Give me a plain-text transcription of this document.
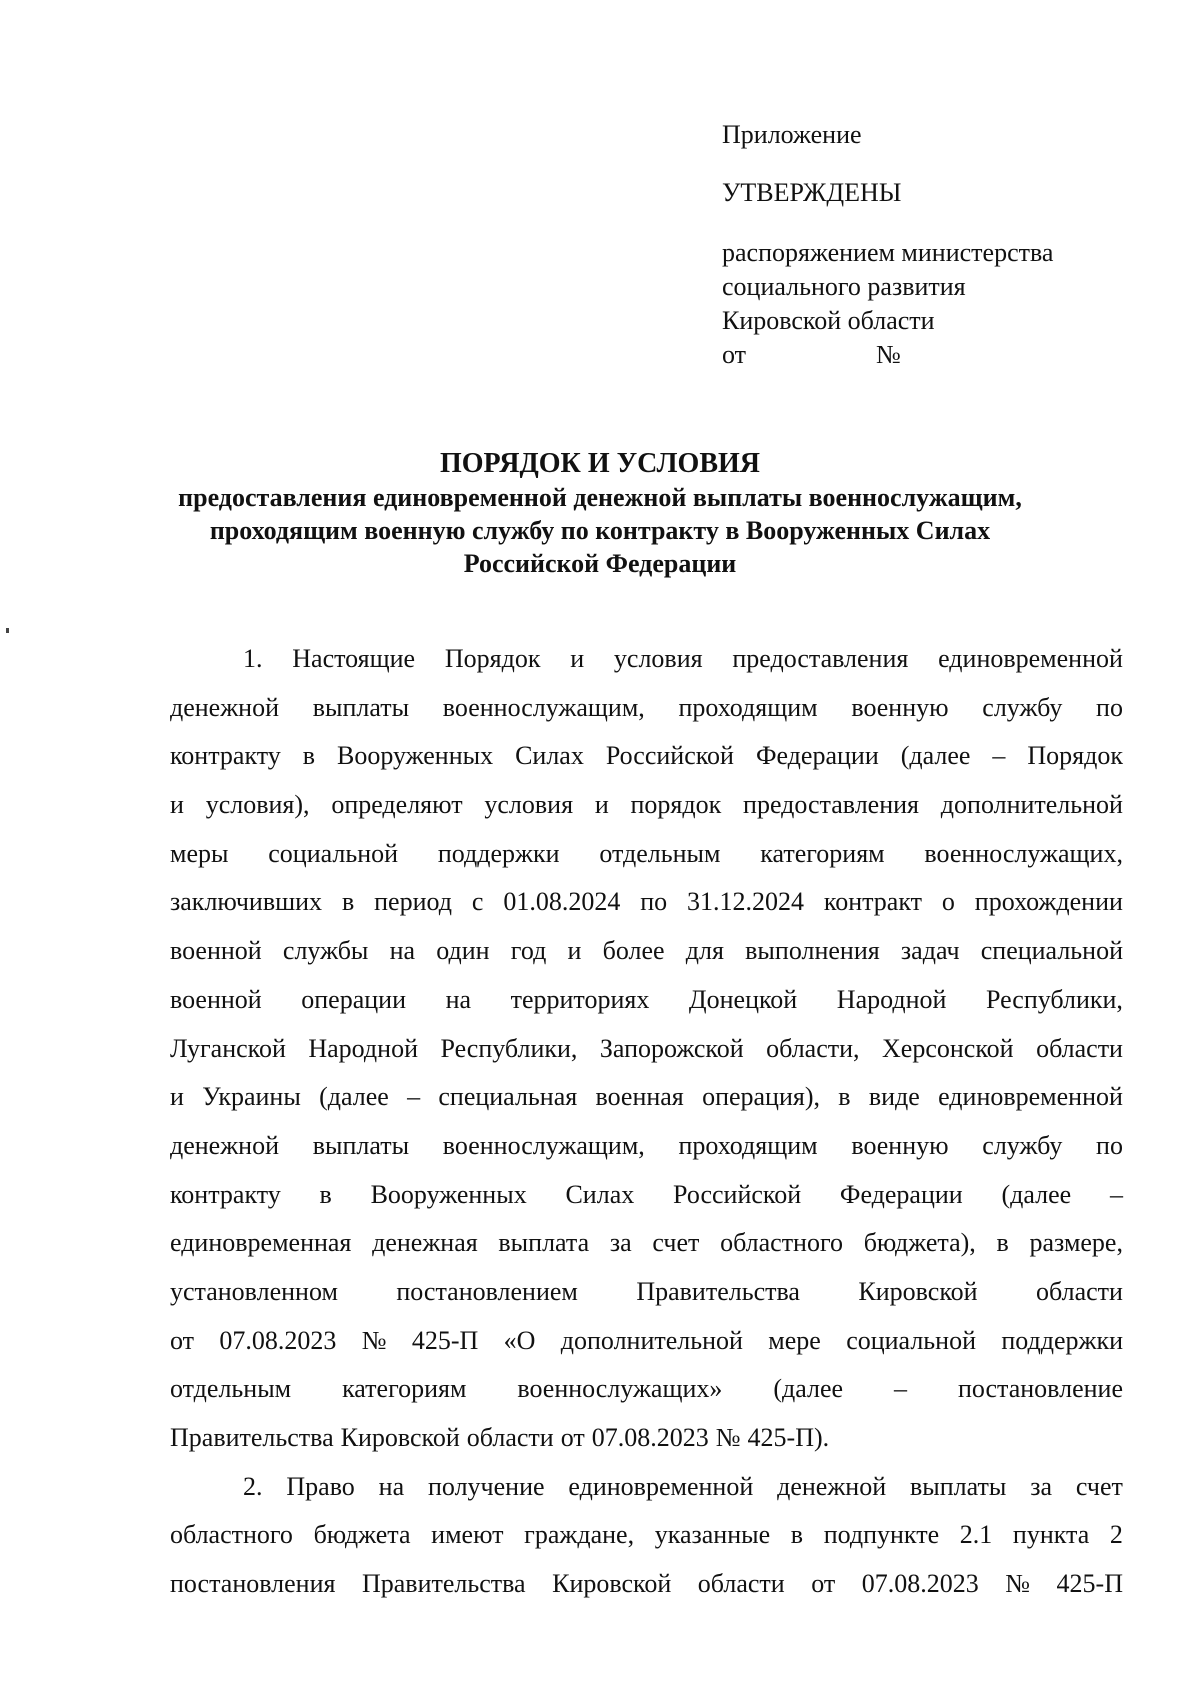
Приложение
УТВЕРЖДЕНЫ
распоряжением министерства
социального развития
Кировской области
от	№
ПОРЯДОК И УСЛОВИЯ
предоставления единовременной денежной выплаты военнослужащим,
проходящим военную службу по контракту в Вооруженных Силах
Российской Федерации
1. Настоящие Порядок и условия предоставления единовременной
денежной выплаты военнослужащим, проходящим военную службу по
контракту в Вооруженных Силах Российской Федерации (далее – Порядок
и условия), определяют условия и порядок предоставления дополнительной
меры социальной поддержки отдельным категориям военнослужащих,
заключивших в период с 01.08.2024 по 31.12.2024 контракт о прохождении
военной службы на один год и более для выполнения задач специальной
военной операции на территориях Донецкой Народной Республики,
Луганской Народной Республики, Запорожской области, Херсонской области
и Украины (далее – специальная военная операция), в виде единовременной
денежной выплаты военнослужащим, проходящим военную службу по
контракту в Вооруженных Силах Российской Федерации (далее –
единовременная денежная выплата за счет областного бюджета), в размере,
установленном постановлением Правительства Кировской области
от 07.08.2023 № 425-П «О дополнительной мере социальной поддержки
отдельным категориям военнослужащих» (далее – постановление
Правительства Кировской области от 07.08.2023 № 425-П).
2. Право на получение единовременной денежной выплаты за счет
областного бюджета имеют граждане, указанные в подпункте 2.1 пункта 2
постановления Правительства Кировской области от 07.08.2023 № 425-П
